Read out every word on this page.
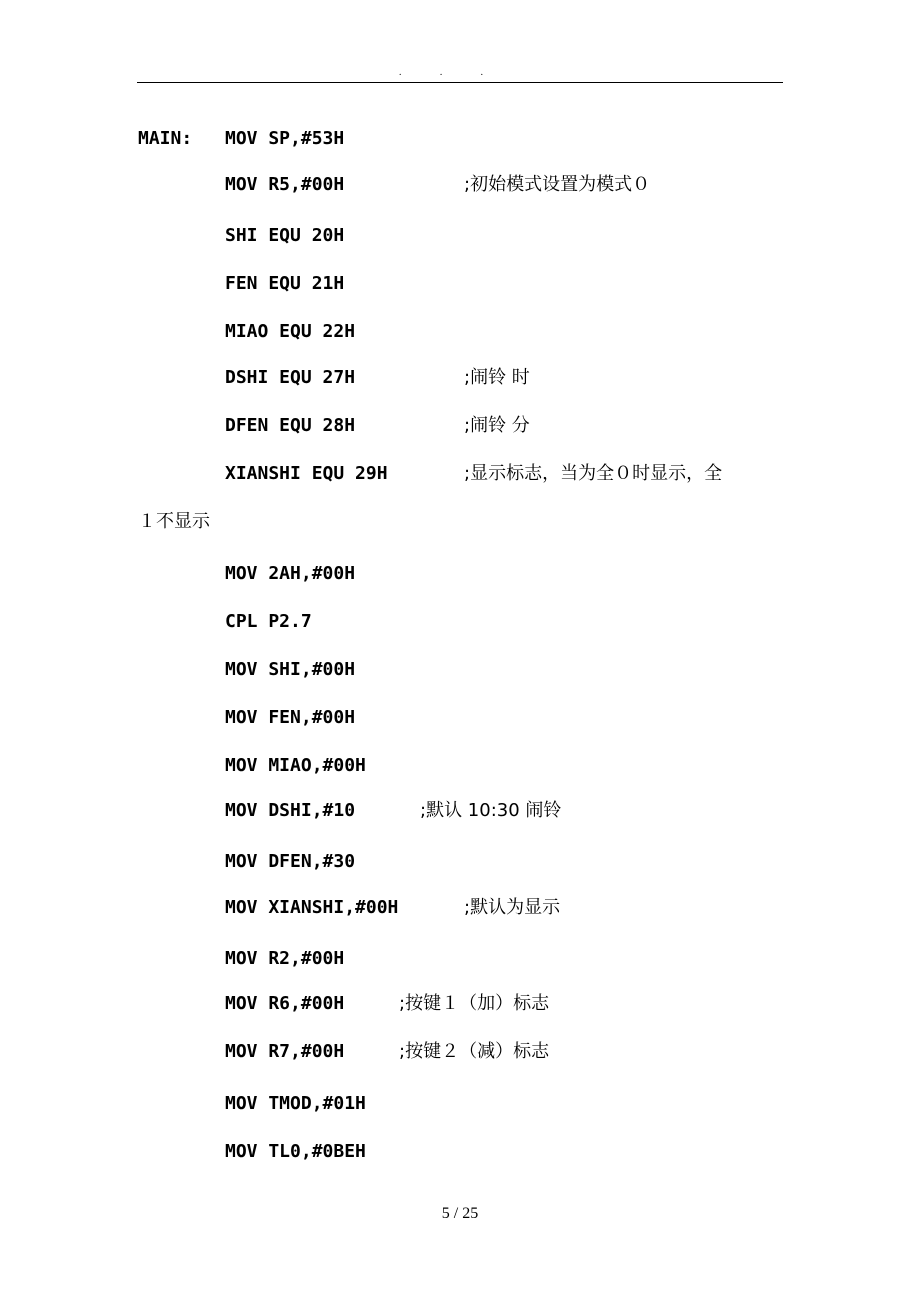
...
MAIN: MOV SP,#53H
MOV R5,#00H	;初始模式设置为模式０
SHI EQU 20H
FEN EQU 21H
MIAO EQU 22H
DSHI EQU 27H	;闹铃 时
DFEN EQU 28H	;闹铃 分
XIANSHI EQU 29H	;显示标志，当为全０时显示，全
１不显示
MOV 2AH,#00H
CPL P2.7
MOV SHI,#00H
MOV FEN,#00H
MOV MIAO,#00H
MOV DSHI,#10	;默认 10:30 闹铃
MOV DFEN,#30
MOV XIANSHI,#00H	;默认为显示
MOV R2,#00H
MOV R6,#00H	;按键１（加）标志
MOV R7,#00H	;按键２（减）标志
MOV TMOD,#01H
MOV TL0,#0BEH
5 / 25
